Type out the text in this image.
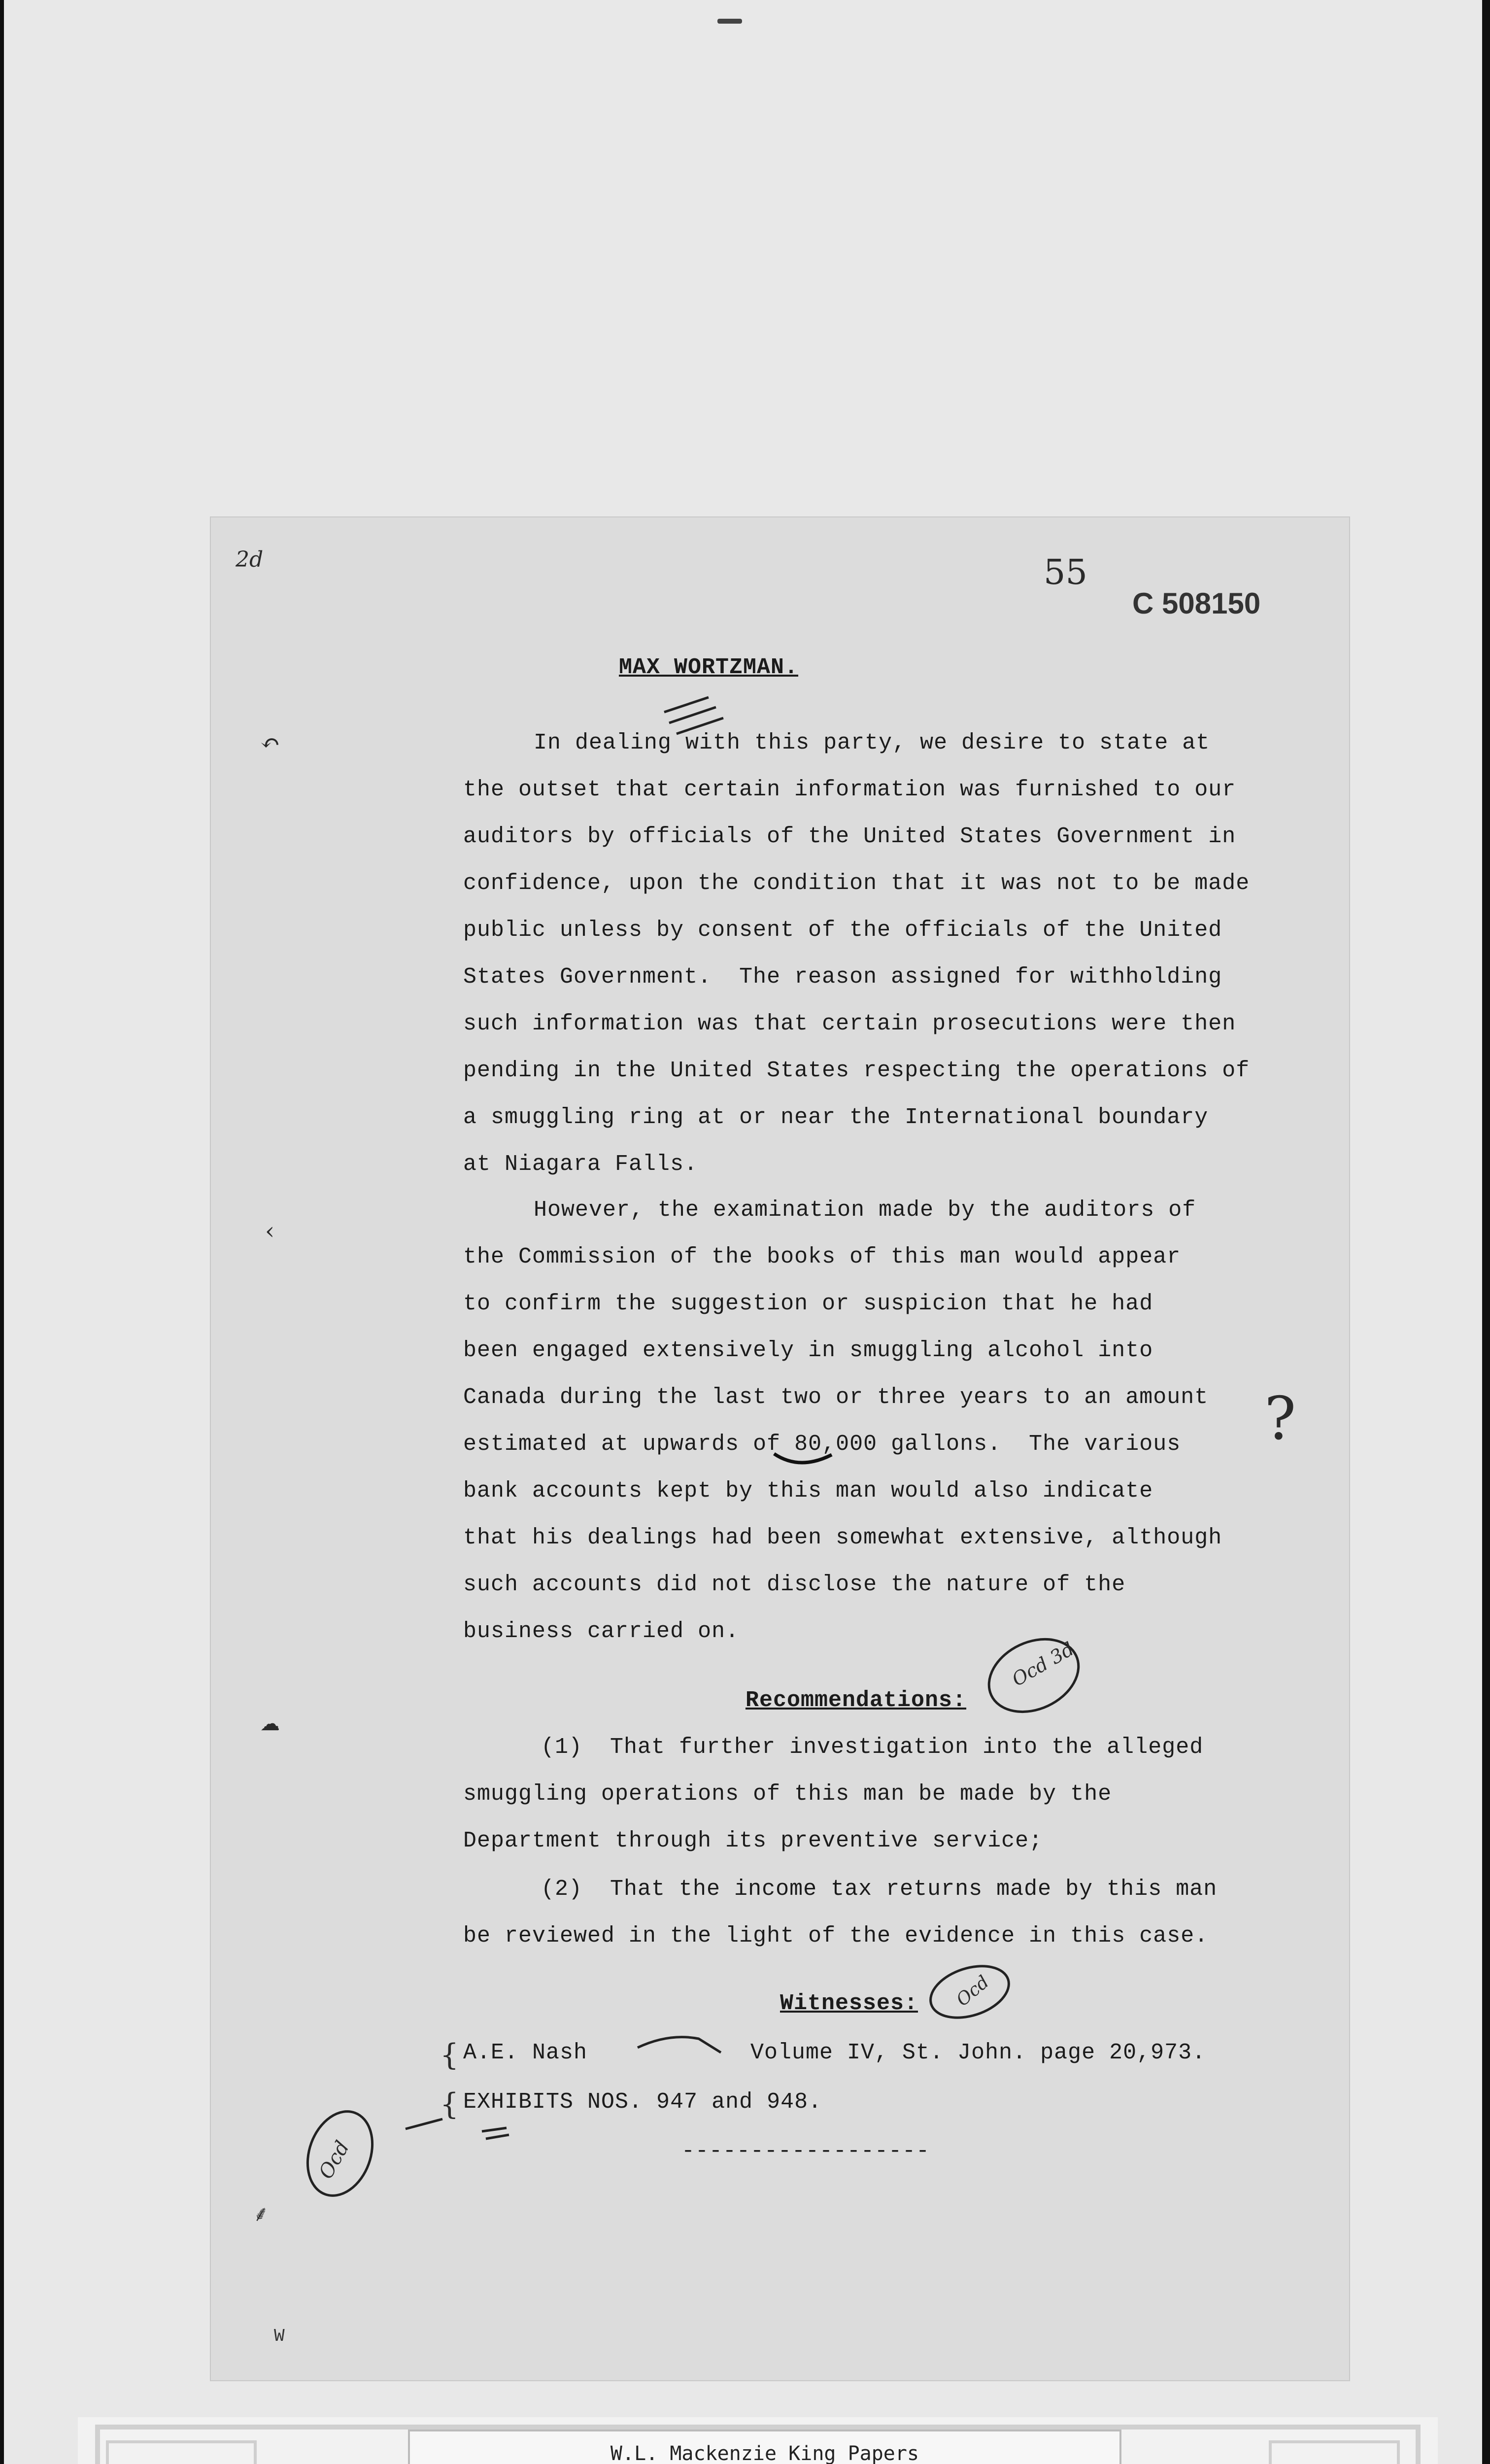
2d	55
C 508150
↶
‹
☁
?
W
MAX WORTZMAN.
In dealing with this party, we desire to state at
the outset that certain information was furnished to our
auditors by officials of the United States Government in
confidence, upon the condition that it was not to be made
public unless by consent of the officials of the United
States Government.  The reason assigned for withholding
such information was that certain prosecutions were then
pending in the United States respecting the operations of
a smuggling ring at or near the International boundary
at Niagara Falls.
However, the examination made by the auditors of
the Commission of the books of this man would appear
to confirm the suggestion or suspicion that he had
been engaged extensively in smuggling alcohol into
Canada during the last two or three years to an amount
estimated at upwards of 80,000 gallons.  The various
bank accounts kept by this man would also indicate
that his dealings had been somewhat extensive, although
such accounts did not disclose the nature of the
business carried on.
Recommendations:
Ocd 3d
(1)  That further investigation into the alleged
smuggling operations of this man be made by the
Department through its preventive service;
(2)  That the income tax returns made by this man
be reviewed in the light of the evidence in this case.
Witnesses: Ocd
{ A.E. Nash	Volume IV, St. John. page 20,973.
{ EXHIBITS NOS. 947 and 948.
Ocd
⸙
------------------
W.L. Mackenzie King Papers
